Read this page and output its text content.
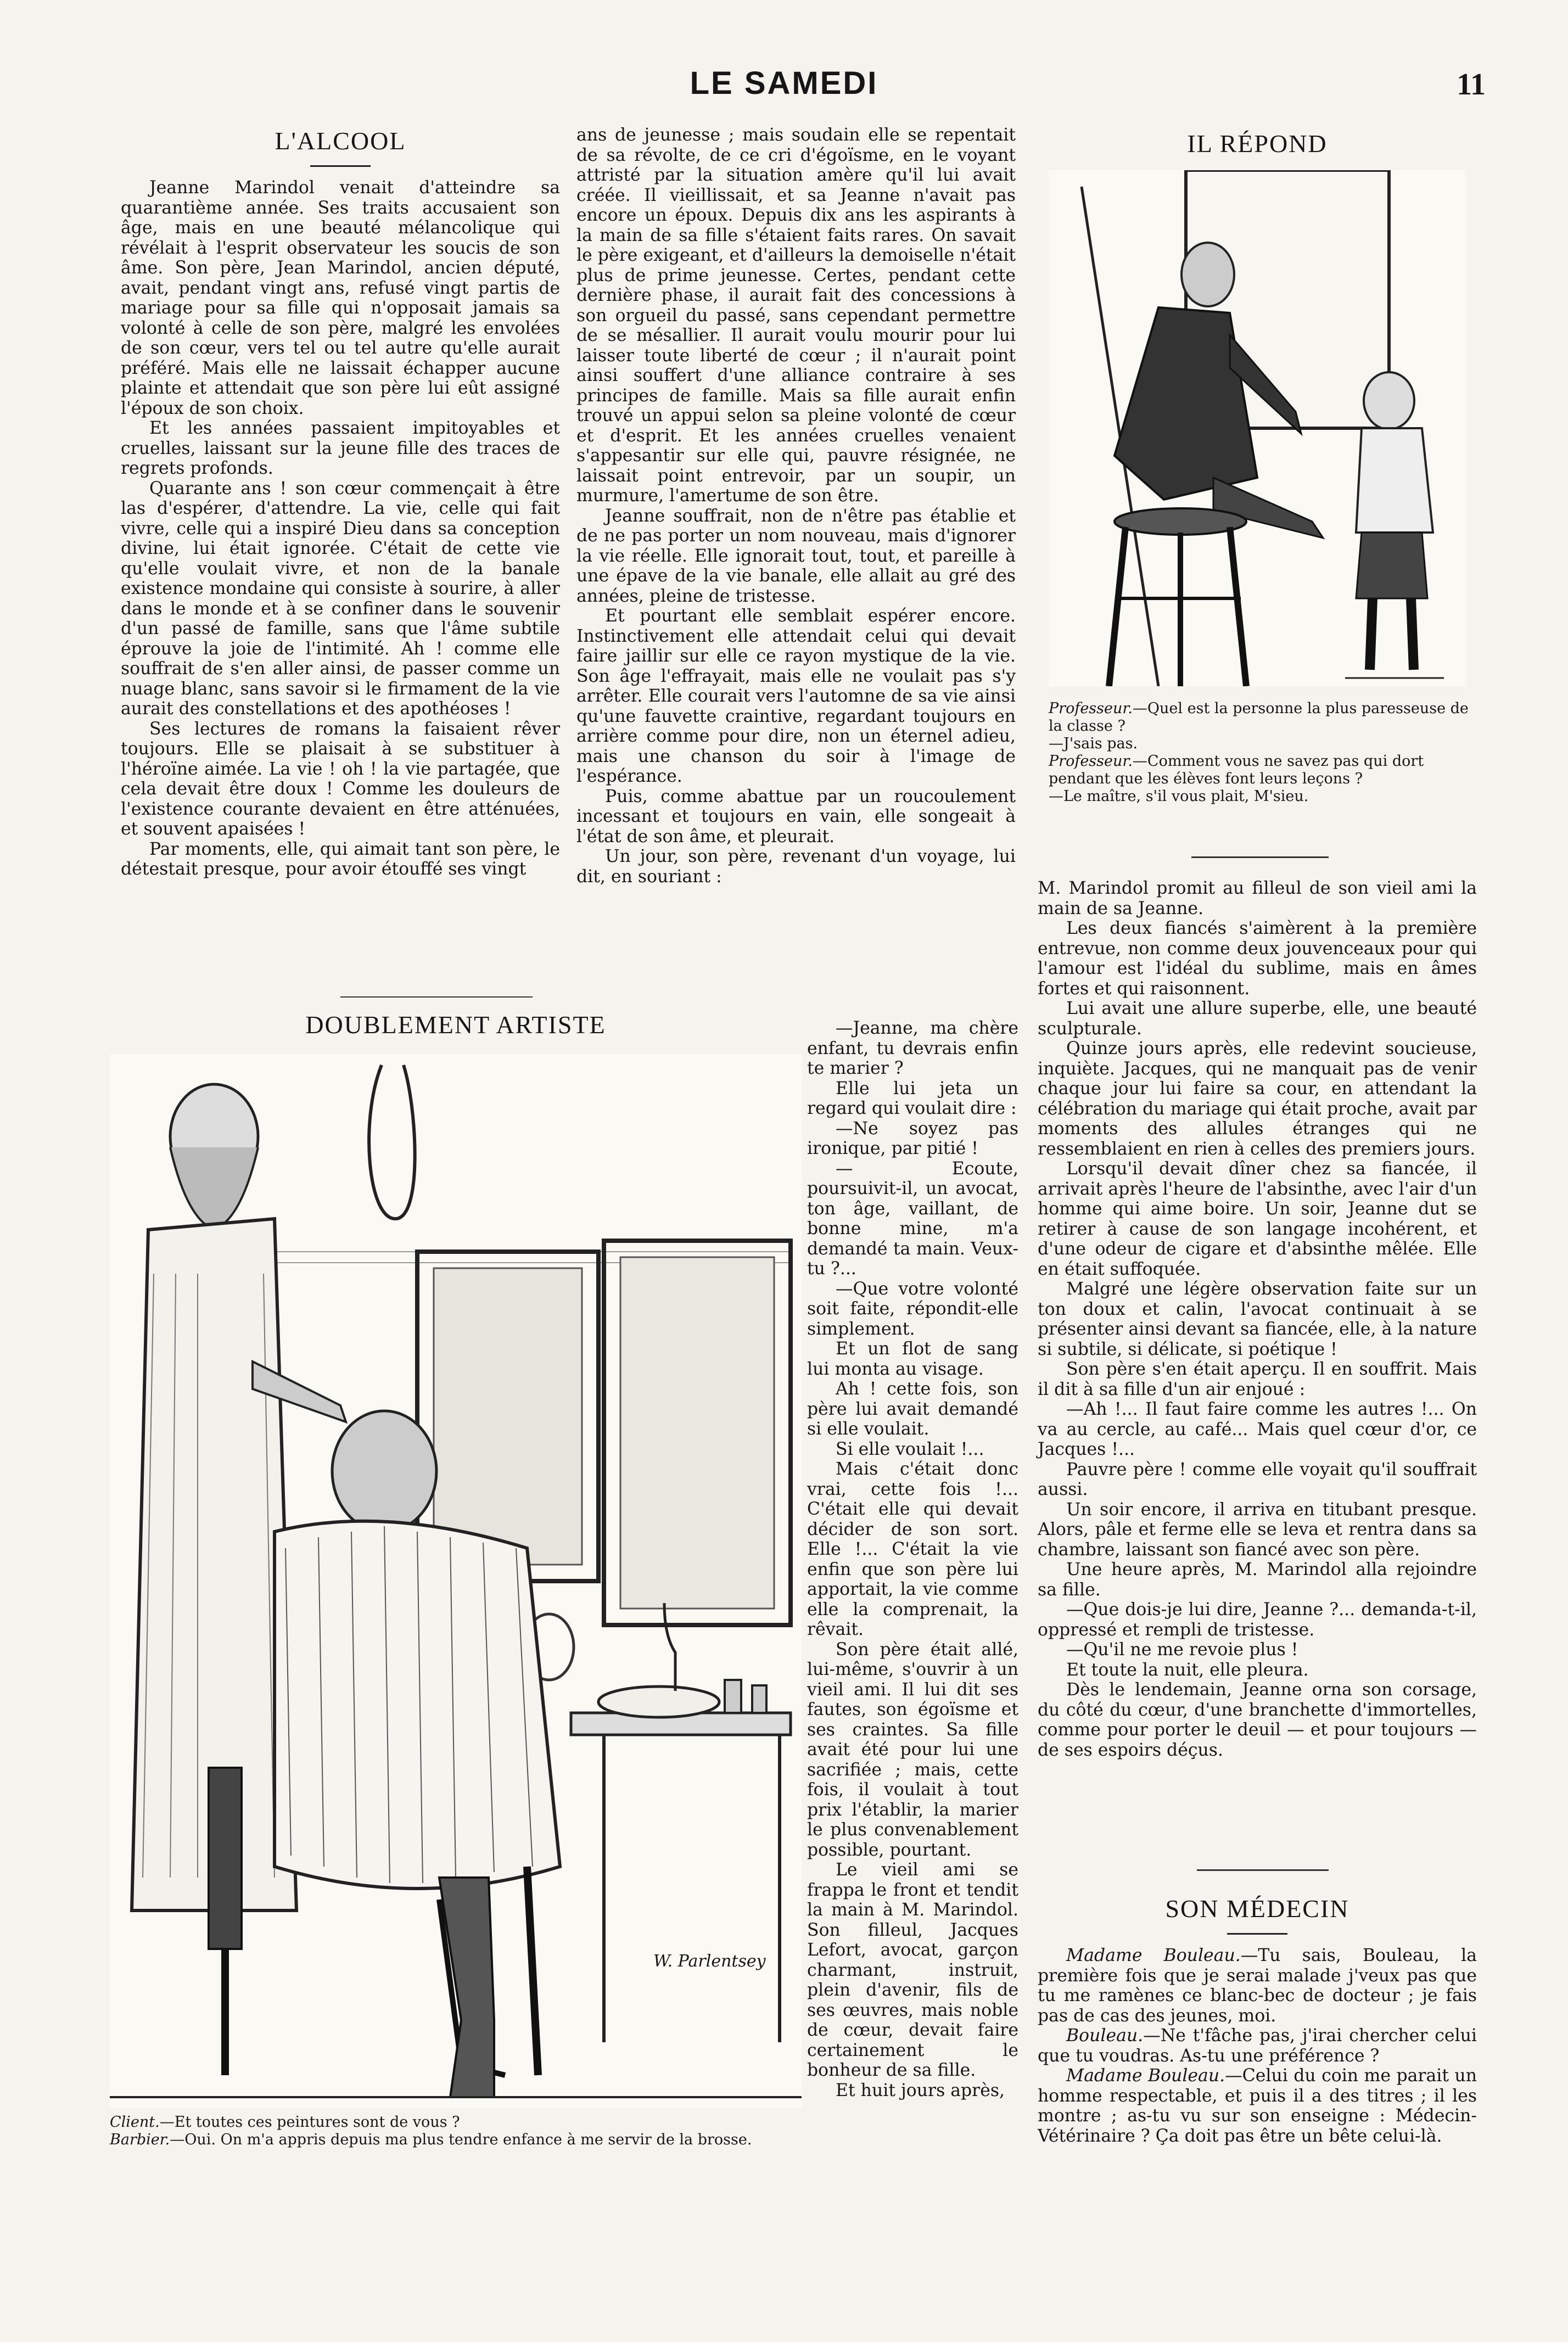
LE SAMEDI	11
L'ALCOOL

Jeanne Marindol venait d'atteindre sa quarantième année. Ses traits accusaient son âge, mais en une beauté mélancolique qui révélait à l'esprit observateur les soucis de son âme. Son père, Jean Marindol, ancien député, avait, pendant vingt ans, refusé vingt partis de mariage pour sa fille qui n'opposait jamais sa volonté à celle de son père, malgré les envolées de son cœur, vers tel ou tel autre qu'elle aurait préféré. Mais elle ne laissait échapper aucune plainte et attendait que son père lui eût assigné l'époux de son choix.

Et les années passaient impitoyables et cruelles, laissant sur la jeune fille des traces de regrets profonds.

Quarante ans ! son cœur commençait à être las d'espérer, d'attendre. La vie, celle qui fait vivre, celle qui a inspiré Dieu dans sa conception divine, lui était ignorée. C'était de cette vie qu'elle voulait vivre, et non de la banale existence mondaine qui consiste à sourire, à aller dans le monde et à se confiner dans le souvenir d'un passé de famille, sans que l'âme subtile éprouve la joie de l'intimité. Ah ! comme elle souffrait de s'en aller ainsi, de passer comme un nuage blanc, sans savoir si le firmament de la vie aurait des constellations et des apothéoses !

Ses lectures de romans la faisaient rêver toujours. Elle se plaisait à se substituer à l'héroïne aimée. La vie ! oh ! la vie partagée, que cela devait être doux ! Comme les douleurs de l'existence courante devaient en être atténuées, et souvent apaisées !

Par moments, elle, qui aimait tant son père, le détestait presque, pour avoir étouffé ses vingt

ans de jeunesse ; mais soudain elle se repentait de sa révolte, de ce cri d'égoïsme, en le voyant attristé par la situation amère qu'il lui avait créée. Il vieillissait, et sa Jeanne n'avait pas encore un époux. Depuis dix ans les aspirants à la main de sa fille s'étaient faits rares. On savait le père exigeant, et d'ailleurs la demoiselle n'était plus de prime jeunesse. Certes, pendant cette dernière phase, il aurait fait des concessions à son orgueil du passé, sans cependant permettre de se mésallier. Il aurait voulu mourir pour lui laisser toute liberté de cœur ; il n'aurait point ainsi souffert d'une alliance contraire à ses principes de famille. Mais sa fille aurait enfin trouvé un appui selon sa pleine volonté de cœur et d'esprit. Et les années cruelles venaient s'appesantir sur elle qui, pauvre résignée, ne laissait point entrevoir, par un soupir, un murmure, l'amertume de son être.

Jeanne souffrait, non de n'être pas établie et de ne pas porter un nom nouveau, mais d'ignorer la vie réelle. Elle ignorait tout, tout, et pareille à une épave de la vie banale, elle allait au gré des années, pleine de tristesse.

Et pourtant elle semblait espérer encore. Instinctivement elle attendait celui qui devait faire jaillir sur elle ce rayon mystique de la vie. Son âge l'effrayait, mais elle ne voulait pas s'y arrêter. Elle courait vers l'automne de sa vie ainsi qu'une fauvette craintive, regardant toujours en arrière comme pour dire, non un éternel adieu, mais une chanson du soir à l'image de l'espérance.

Puis, comme abattue par un roucoulement incessant et toujours en vain, elle songeait à l'état de son âme, et pleurait.

Un jour, son père, revenant d'un voyage, lui dit, en souriant :

DOUBLEMENT ARTISTE
W. Parlentsey
Client.—Et toutes ces peintures sont de vous ?
Barbier.—Oui. On m'a appris depuis ma plus tendre enfance à me servir de la brosse.

—Jeanne, ma chère enfant, tu devrais enfin te marier ?

Elle lui jeta un regard qui voulait dire :

—Ne soyez pas ironique, par pitié !

— Ecoute, poursuivit-il, un avocat, ton âge, vaillant, de bonne mine, m'a demandé ta main. Veux-tu ?...

—Que votre volonté soit faite, répondit-elle simplement.

Et un flot de sang lui monta au visage.

Ah ! cette fois, son père lui avait demandé si elle voulait.

Si elle voulait !...

Mais c'était donc vrai, cette fois !... C'était elle qui devait décider de son sort. Elle !... C'était la vie enfin que son père lui apportait, la vie comme elle la comprenait, la rêvait.

Son père était allé, lui-même, s'ouvrir à un vieil ami. Il lui dit ses fautes, son égoïsme et ses craintes. Sa fille avait été pour lui une sacrifiée ; mais, cette fois, il voulait à tout prix l'établir, la marier le plus convenablement possible, pourtant.

Le vieil ami se frappa le front et tendit la main à M. Marindol. Son filleul, Jacques Lefort, avocat, garçon charmant, instruit, plein d'avenir, fils de ses œuvres, mais noble de cœur, devait faire certainement le bonheur de sa fille.

Et huit jours après,

IL RÉPOND
Professeur.—Quel est la personne la plus paresseuse de la classe ?
—J'sais pas.
Professeur.—Comment vous ne savez pas qui dort pendant que les élèves font leurs leçons ?
—Le maître, s'il vous plait, M'sieu.

M. Marindol promit au filleul de son vieil ami la main de sa Jeanne.

Les deux fiancés s'aimèrent à la première entrevue, non comme deux jouvenceaux pour qui l'amour est l'idéal du sublime, mais en âmes fortes et qui raisonnent.

Lui avait une allure superbe, elle, une beauté sculpturale.

Quinze jours après, elle redevint soucieuse, inquiète. Jacques, qui ne manquait pas de venir chaque jour lui faire sa cour, en attendant la célébration du mariage qui était proche, avait par moments des allules étranges qui ne ressemblaient en rien à celles des premiers jours.

Lorsqu'il devait dîner chez sa fiancée, il arrivait après l'heure de l'absinthe, avec l'air d'un homme qui aime boire. Un soir, Jeanne dut se retirer à cause de son langage incohérent, et d'une odeur de cigare et d'absinthe mêlée. Elle en était suffoquée.

Malgré une légère observation faite sur un ton doux et calin, l'avocat continuait à se présenter ainsi devant sa fiancée, elle, à la nature si subtile, si délicate, si poétique !

Son père s'en était aperçu. Il en souffrit. Mais il dit à sa fille d'un air enjoué :

—Ah !... Il faut faire comme les autres !... On va au cercle, au café... Mais quel cœur d'or, ce Jacques !...

Pauvre père ! comme elle voyait qu'il souffrait aussi.

Un soir encore, il arriva en titubant presque. Alors, pâle et ferme elle se leva et rentra dans sa chambre, laissant son fiancé avec son père.

Une heure après, M. Marindol alla rejoindre sa fille.

—Que dois-je lui dire, Jeanne ?... demanda-t-il, oppressé et rempli de tristesse.

—Qu'il ne me revoie plus !

Et toute la nuit, elle pleura.

Dès le lendemain, Jeanne orna son corsage, du côté du cœur, d'une branchette d'immortelles, comme pour porter le deuil — et pour toujours — de ses espoirs déçus.

SON MÉDECIN

Madame Bouleau.—Tu sais, Bouleau, la première fois que je serai malade j'veux pas que tu me ramènes ce blanc-bec de docteur ; je fais pas de cas des jeunes, moi.

Bouleau.—Ne t'fâche pas, j'irai chercher celui que tu voudras. As-tu une préférence ?

Madame Bouleau.—Celui du coin me parait un homme respectable, et puis il a des titres ; il les montre ; as-tu vu sur son enseigne : Médecin-Vétérinaire ? Ça doit pas être un bête celui-là.
